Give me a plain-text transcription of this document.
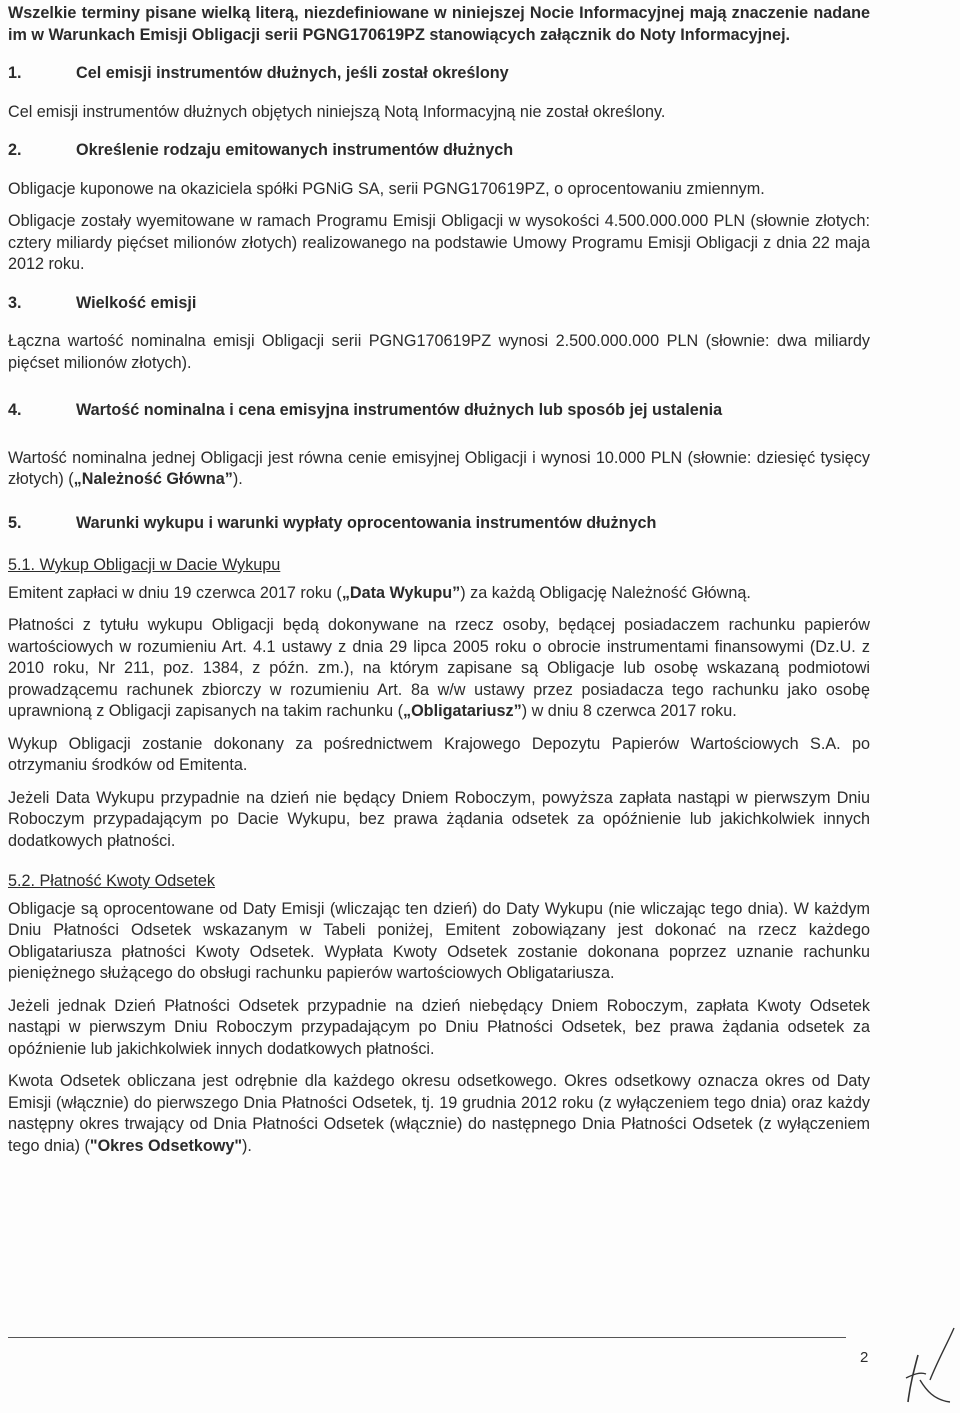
Wszelkie terminy pisane wielką literą, niezdefiniowane w niniejszej Nocie Informacyjnej mają znaczenie nadane im w Warunkach Emisji Obligacji serii PGNG170619PZ stanowiących załącznik do Noty Informacyjnej.

1.	Cel emisji instrumentów dłużnych, jeśli został określony

Cel emisji instrumentów dłużnych objętych niniejszą Notą Informacyjną nie został określony.

2.	Określenie rodzaju emitowanych instrumentów dłużnych

Obligacje kuponowe na okaziciela spółki PGNiG SA, serii PGNG170619PZ, o oprocentowaniu zmiennym.

Obligacje zostały wyemitowane w ramach Programu Emisji Obligacji w wysokości 4.500.000.000 PLN (słownie złotych: cztery miliardy pięćset milionów złotych) realizowanego na podstawie Umowy Programu Emisji Obligacji z dnia 22 maja 2012 roku.

3.	Wielkość emisji

Łączna wartość nominalna emisji Obligacji serii PGNG170619PZ wynosi 2.500.000.000 PLN (słownie: dwa miliardy pięćset milionów złotych).

4.	Wartość nominalna i cena emisyjna instrumentów dłużnych lub sposób jej ustalenia

Wartość nominalna jednej Obligacji jest równa cenie emisyjnej Obligacji i wynosi 10.000 PLN (słownie: dziesięć tysięcy złotych) („Należność Główna”).

5.	Warunki wykupu i warunki wypłaty oprocentowania instrumentów dłużnych

5.1. Wykup Obligacji w Dacie Wykupu

Emitent zapłaci w dniu 19 czerwca 2017 roku („Data Wykupu”) za każdą Obligację Należność Główną.

Płatności z tytułu wykupu Obligacji będą dokonywane na rzecz osoby, będącej posiadaczem rachunku papierów wartościowych w rozumieniu Art. 4.1 ustawy z dnia 29 lipca 2005 roku o obrocie instrumentami finansowymi (Dz.U. z 2010 roku, Nr 211, poz. 1384, z późn. zm.), na którym zapisane są Obligacje lub osobę wskazaną podmiotowi prowadzącemu rachunek zbiorczy w rozumieniu Art. 8a w/w ustawy przez posiadacza tego rachunku jako osobę uprawnioną z Obligacji zapisanych na takim rachunku („Obligatariusz”) w dniu 8 czerwca 2017 roku.

Wykup Obligacji zostanie dokonany za pośrednictwem Krajowego Depozytu Papierów Wartościowych S.A. po otrzymaniu środków od Emitenta.

Jeżeli Data Wykupu przypadnie na dzień nie będący Dniem Roboczym, powyższa zapłata nastąpi w pierwszym Dniu Roboczym przypadającym po Dacie Wykupu, bez prawa żądania odsetek za opóźnienie lub jakichkolwiek innych dodatkowych płatności.

5.2. Płatność Kwoty Odsetek

Obligacje są oprocentowane od Daty Emisji (wliczając ten dzień) do Daty Wykupu (nie wliczając tego dnia). W każdym Dniu Płatności Odsetek wskazanym w Tabeli poniżej, Emitent zobowiązany jest dokonać na rzecz każdego Obligatariusza płatności Kwoty Odsetek. Wypłata Kwoty Odsetek zostanie dokonana poprzez uznanie rachunku pieniężnego służącego do obsługi rachunku papierów wartościowych Obligatariusza.

Jeżeli jednak Dzień Płatności Odsetek przypadnie na dzień niebędący Dniem Roboczym, zapłata Kwoty Odsetek nastąpi w pierwszym Dniu Roboczym przypadającym po Dniu Płatności Odsetek, bez prawa żądania odsetek za opóźnienie lub jakichkolwiek innych dodatkowych płatności.

Kwota Odsetek obliczana jest odrębnie dla każdego okresu odsetkowego. Okres odsetkowy oznacza okres od Daty Emisji (włącznie) do pierwszego Dnia Płatności Odsetek, tj. 19 grudnia 2012 roku (z wyłączeniem tego dnia) oraz każdy następny okres trwający od Dnia Płatności Odsetek (włącznie) do następnego Dnia Płatności Odsetek (z wyłączeniem tego dnia) ("Okres Odsetkowy").

2
